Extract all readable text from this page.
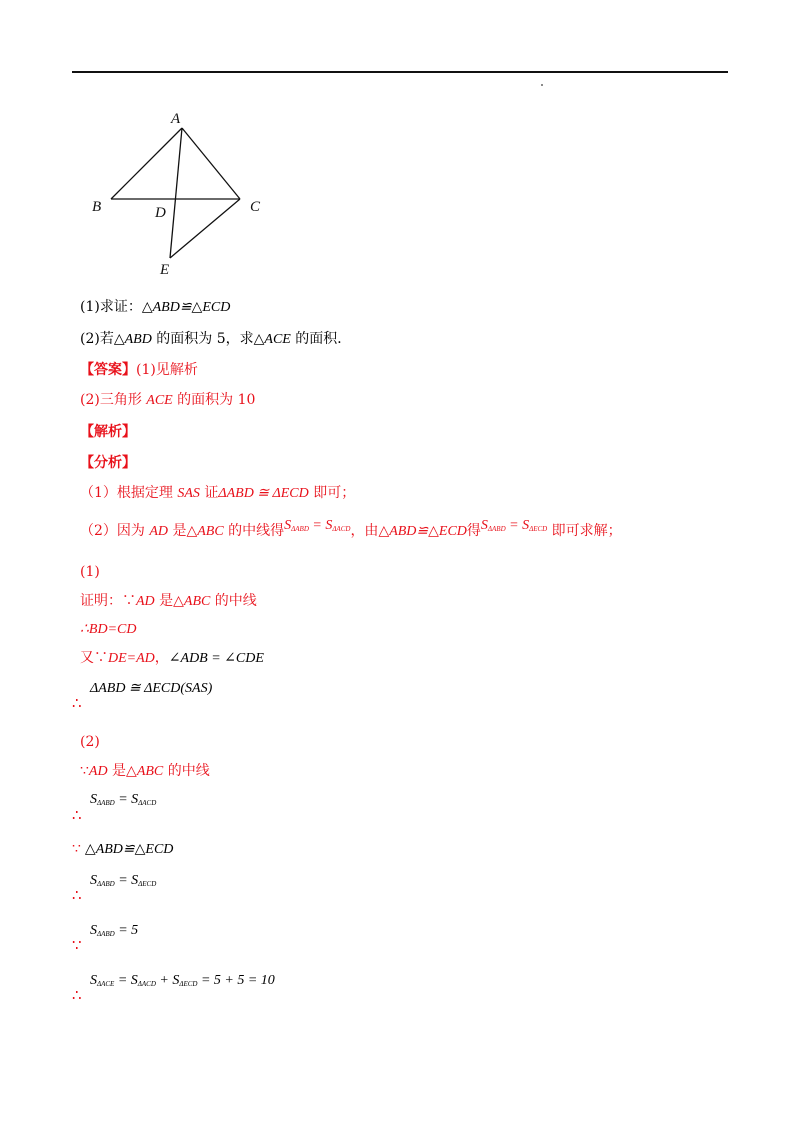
A
B	C
D
E
(1)求证：△ABD≌△ECD
(2)若△ABD 的面积为 5，求△ACE 的面积．
【答案】(1)见解析
(2)三角形 ACE 的面积为 10
【解析】
【分析】
（1）根据定理 SAS 证ΔABD ≅ ΔECD 即可；
（2）因为 AD 是△ABC 的中线得$S_{\Delta ABD} = S_{\Delta ACD}$，由△ABD≌△ECD得$S_{\Delta ABD} = S_{\Delta ECD}$ 即可求解；
(1)
证明：∵AD 是△ABC 的中线
∴BD=CD
又∵DE=AD，∠ADB = ∠CDE
ΔABD ≅ ΔECD(SAS)
∴
(2)
∵AD 是△ABC 的中线
$S_{\Delta ABD} = S_{\Delta ACD}$
∴
∵ △ABD≌△ECD
$S_{\Delta ABD} = S_{\Delta ECD}$
∴
$S_{\Delta ABD} = 5$
∵
$S_{\Delta ACE} = S_{\Delta ACD} + S_{\Delta ECD} = 5 + 5 = 10$
∴
